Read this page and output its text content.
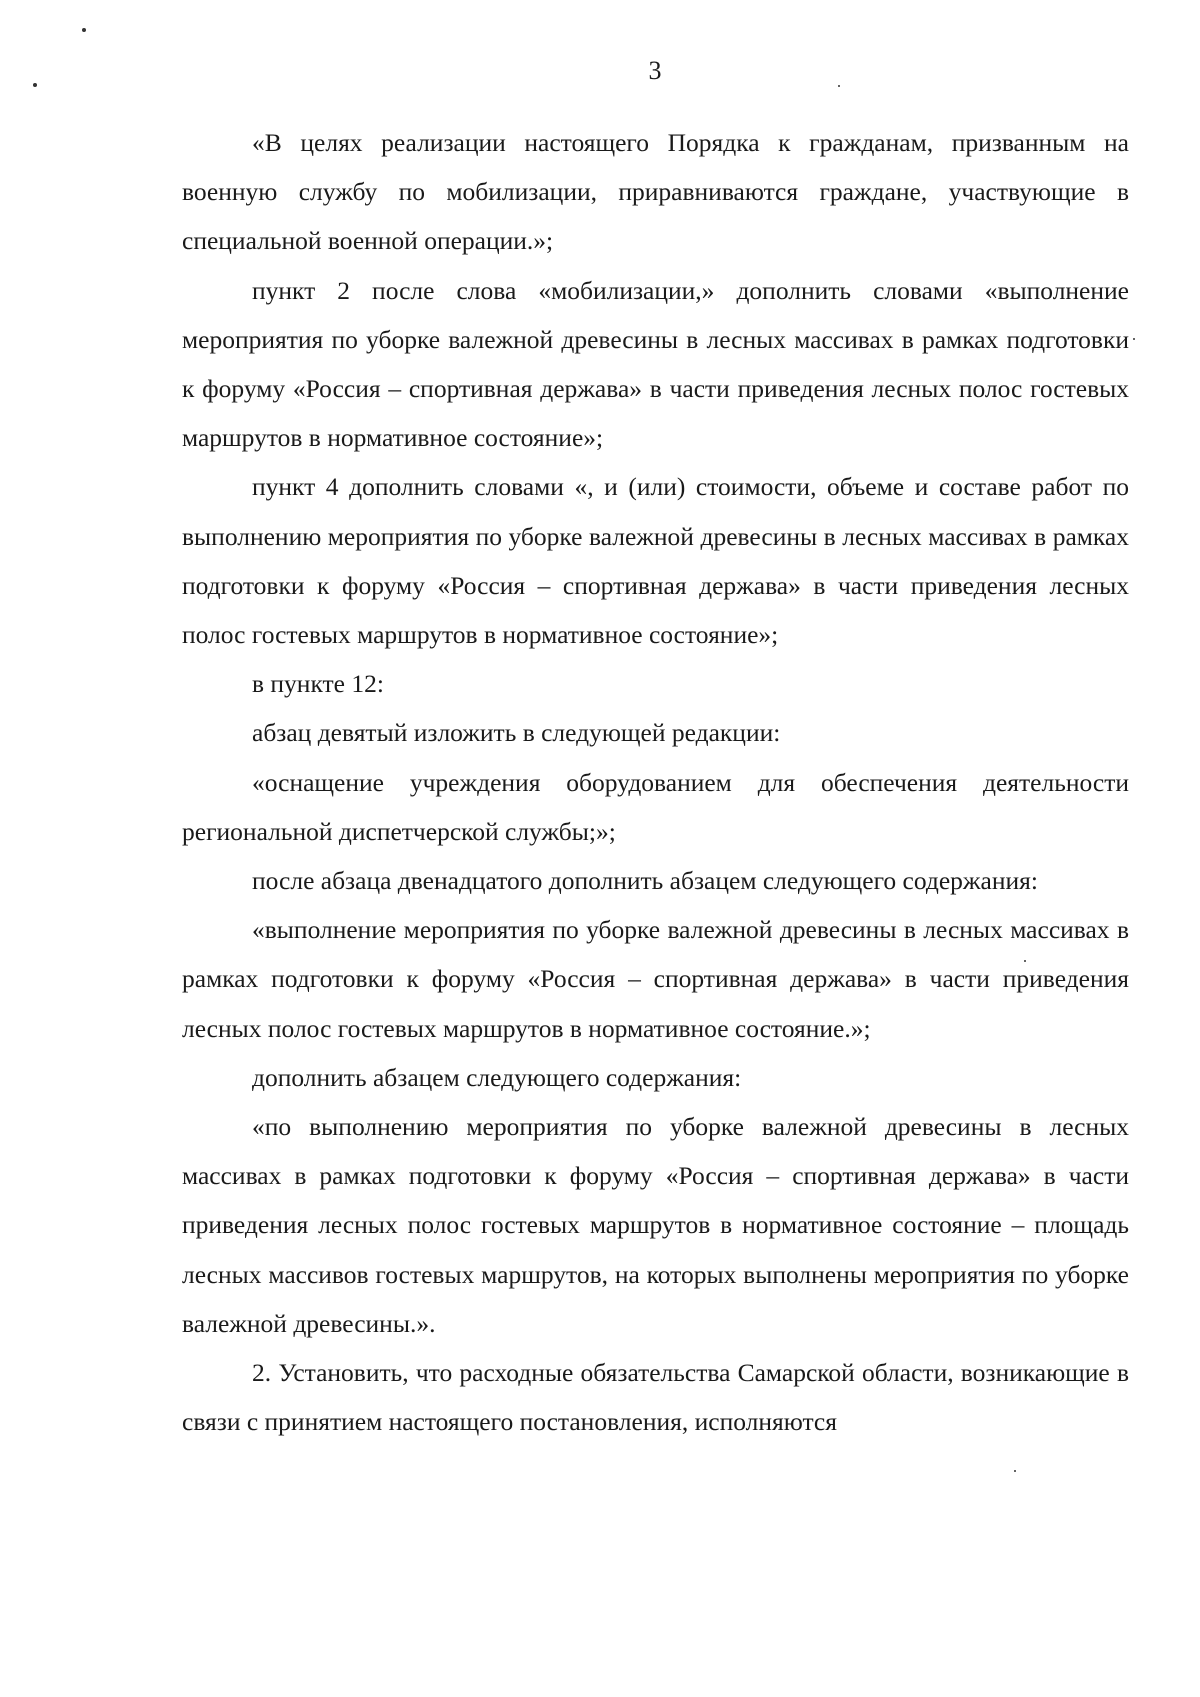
3

«В целях реализации настоящего Порядка к гражданам, призванным на военную службу по мобилизации, приравниваются граждане, участвующие в специальной военной операции.»;

пункт 2 после слова «мобилизации,» дополнить словами «выполнение мероприятия по уборке валежной древесины в лесных массивах в рамках подготовки к форуму «Россия – спортивная держава» в части приведения лесных полос гостевых маршрутов в нормативное состояние»;

пункт 4 дополнить словами «, и (или) стоимости, объеме и составе работ по выполнению мероприятия по уборке валежной древесины в лесных массивах в рамках подготовки к форуму «Россия – спортивная держава» в части приведения лесных полос гостевых маршрутов в нормативное состояние»;

в пункте 12:

абзац девятый изложить в следующей редакции:

«оснащение учреждения оборудованием для обеспечения деятельности региональной диспетчерской службы;»;

после абзаца двенадцатого дополнить абзацем следующего содержания:

«выполнение мероприятия по уборке валежной древесины в лесных массивах в рамках подготовки к форуму «Россия – спортивная держава» в части приведения лесных полос гостевых маршрутов в нормативное состояние.»;

дополнить абзацем следующего содержания:

«по выполнению мероприятия по уборке валежной древесины в лесных массивах в рамках подготовки к форуму «Россия – спортивная держава» в части приведения лесных полос гостевых маршрутов в нормативное состояние – площадь лесных массивов гостевых маршрутов, на которых выполнены мероприятия по уборке валежной древесины.».

2. Установить, что расходные обязательства Самарской области, возникающие в связи с принятием настоящего постановления, исполняются
